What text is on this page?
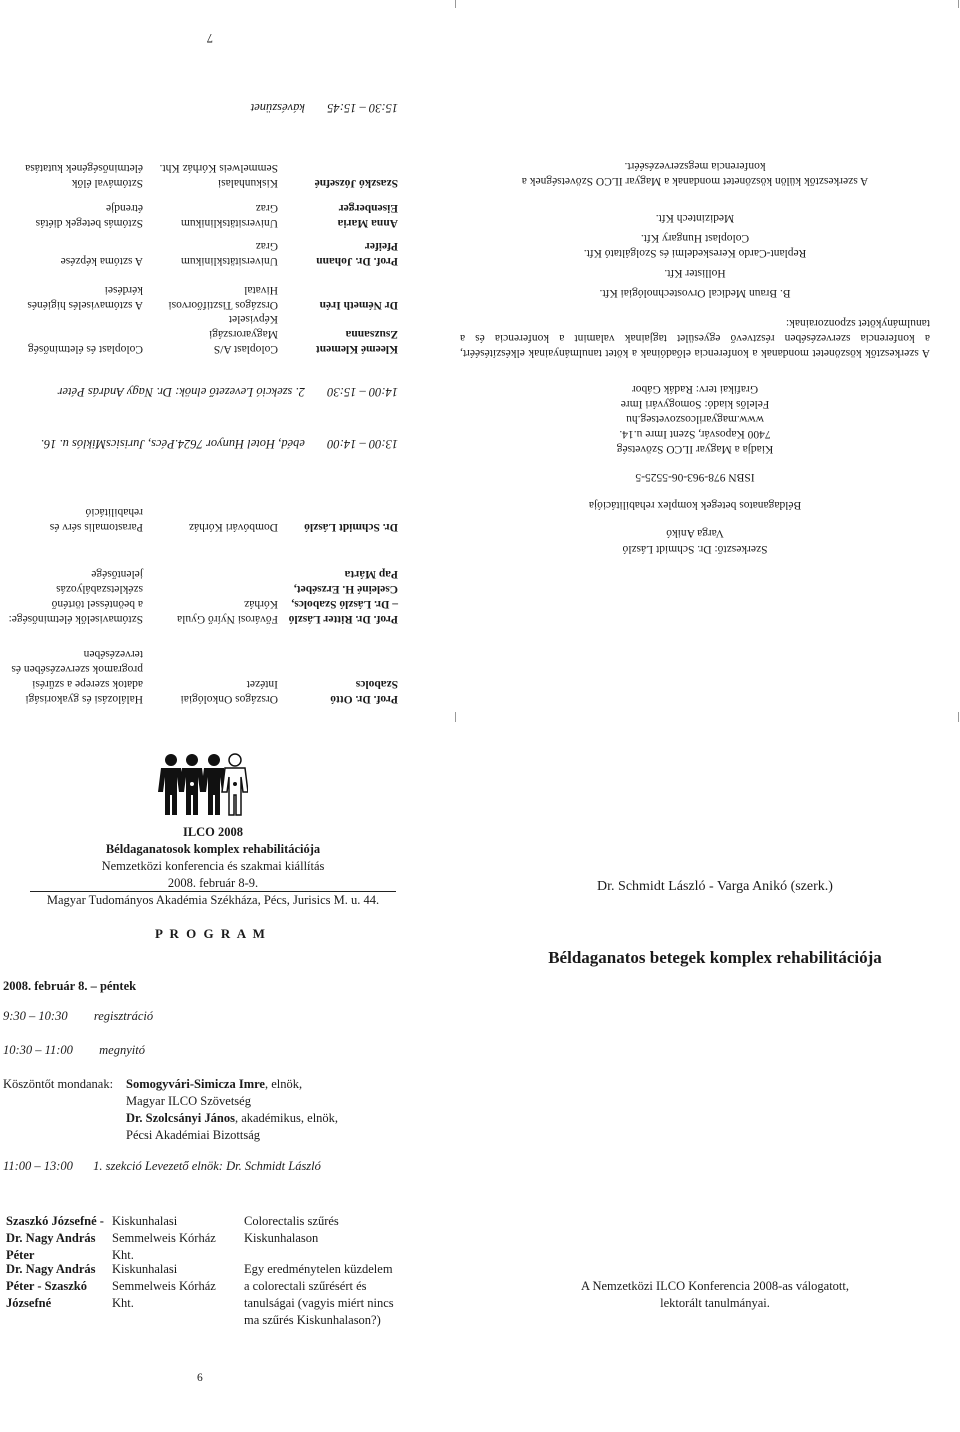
Prof. Dr. Ottó Szabolcs
Országos Onkológiai Intézet
Halálozási és gyakorisági adatok szerepe a szűrési programok szervezésében és tervezésében
Prof. Dr. Ritter László – Dr. László Szabolcs, Cseleiné H. Erzsébet, Pap Márta
Fővárosi Nyírő Gyula Kórház
Sztómaviselők életminősége: a beöntéssel történő székletszabályozás jelentősége
Dr. Schmidt László
Dombóvári Kórház
Parastomalis sérv és rehabilitáció
13:00 – 14:00  ebéd, Hotel Hunyor 7624.Pécs, JurisicsMiklós u. 16.
14:00 – 15:30  2. szekció Levezető elnök: Dr. Nagy András Péter
Kleemé Klement Zsuzsanna
Coloplast A/S Magyarországi Képviselet
Coloplast és életminőség
Dr Németh Irén
Országos Tisztifőorvosi Hivatal
A sztómaviselés higiénés kérdései
Prof. Dr. Johann Pfeifer
Universitätsklinikum Graz
A sztóma képzése
Anna Maria Eisenberger
Universitätsklinikum Graz
Sztómás betegek diétás étrendje
Szaszkó Józsefné
Kiskunhalasi Semmelweis Kórház Kht.
Sztómával élők életminőségének kutatása
15:30 – 15:45  kávészünet
7
Szerkesztő: Dr. Schmidt László
Varga Anikó
Béldaganatos betegek komplex rehabilitációja
ISBN 978-963-06-5525-5
Kiadja a Magyar ILCO Szövetség
7400 Kaposvár, Szent Imre u.14.
www.magyarilcoszovetseg.hu
Felelős kiadó: Somogyvári Imre
Grafikai terv: Radák Gábor
A szerkesztők köszönetet mondanak a konferencia előadóinak a kötet tanulmányainak elkészítéséért, a konferencia szervezésében résztvevő egyesület tagjainak valamint a konferencia és a tanulmánykötet szponzorainak:
B. Braun Medical Orvostechnológiai Kft.
Hollister Kft.
Replant-Cardo Kereskedelmi és Szolgáltató Kft.
Coloplast Hungary Kft.
Medizintech Kft.
A szerkesztők külön köszönetet mondanak a Magyar ILCO Szövetségnek a konferencia megszervezéséért.
ILCO 2008
Béldaganatosok komplex rehabilitációja
Nemzetközi konferencia és szakmai kiállítás
2008. február 8-9.
Magyar Tudományos Akadémia Székháza, Pécs, Jurisics M. u. 44.
P R O G R A M
2008. február 8. – péntek
9:30 – 10:30 regisztráció
10:30 – 11:00 megnyitó
Köszöntőt mondanak: Somogyvári-Simicza Imre, elnök,
Magyar ILCO Szövetség
Dr. Szolcsányi János, akadémikus, elnök,
Pécsi Akadémiai Bizottság
11:00 – 13:00 1. szekció Levezető elnök: Dr. Schmidt László
Szaszkó Józsefné - Dr. Nagy András Péter
Kiskunhalasi Semmelweis Kórház Kht.
Colorectalis szűrés Kiskunhalason
Dr. Nagy András Péter - Szaszkó Józsefné
Kiskunhalasi Semmelweis Kórház Kht.
Egy eredménytelen küzdelem a colorectali szűrésért és tanulságai (vagyis miért nincs ma szűrés Kiskunhalason?)
6
Dr. Schmidt László - Varga Anikó (szerk.)
Béldaganatos betegek komplex rehabilitációja
A Nemzetközi ILCO Konferencia 2008-as válogatott,
lektorált tanulmányai.
